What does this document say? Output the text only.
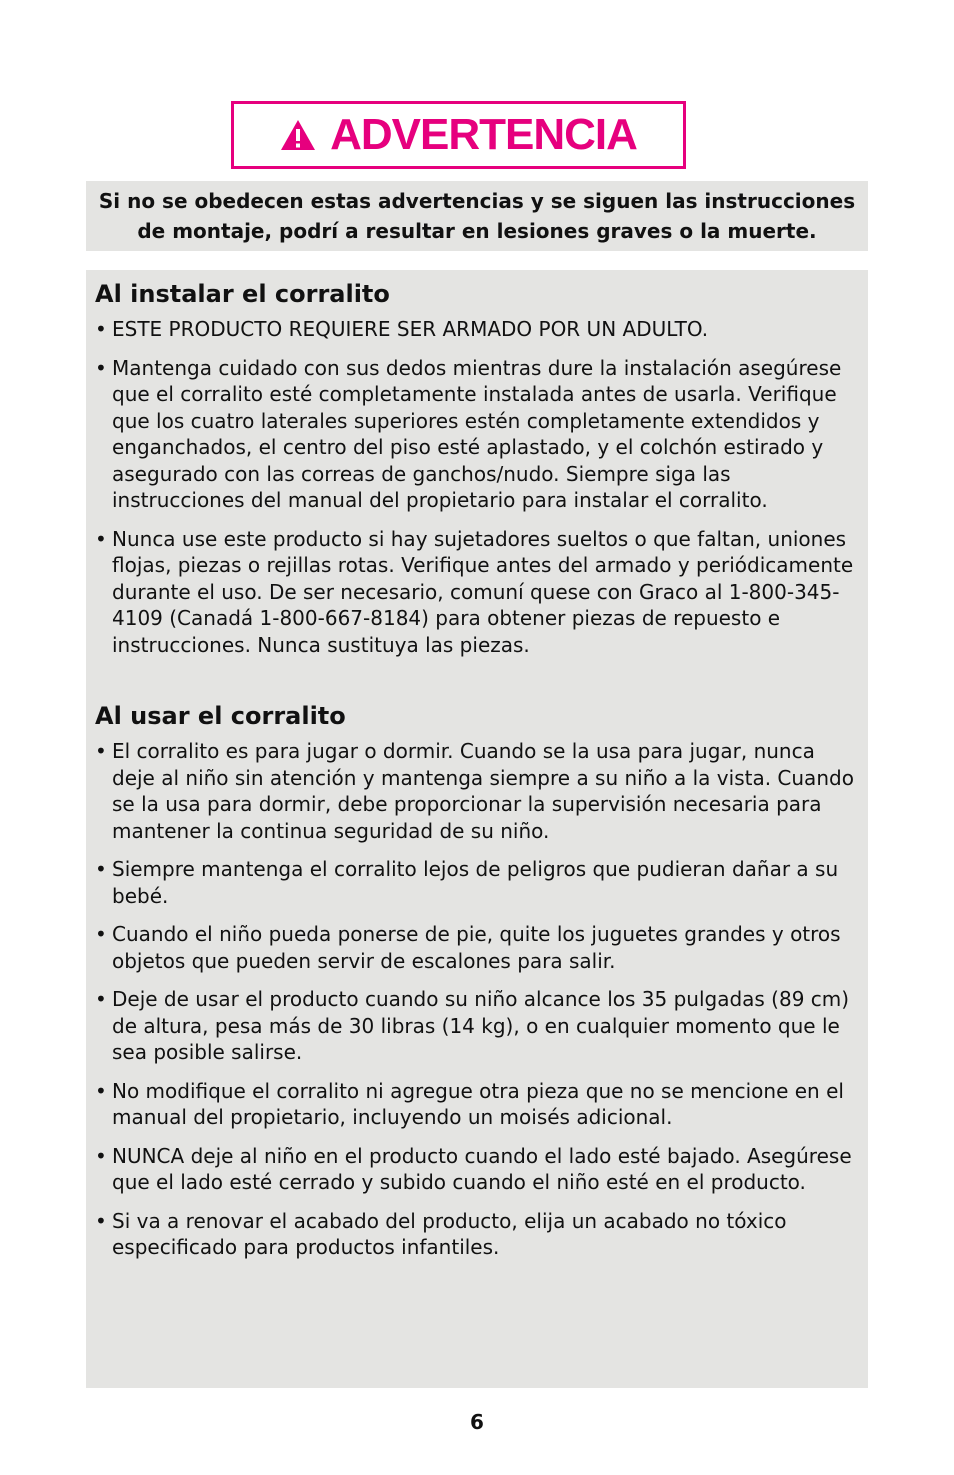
ADVERTENCIA

Si no se obedecen estas advertencias y se siguen las instrucciones
de montaje, podrí a resultar en lesiones graves o la muerte.

Al instalar el corralito
• ESTE PRODUCTO REQUIERE SER ARMADO POR UN ADULTO.
• Mantenga cuidado con sus dedos mientras dure la instalación asegúrese que el corralito esté completamente instalada antes de usarla. Verifique que los cuatro laterales superiores estén completamente extendidos y enganchados, el centro del piso esté aplastado, y el colchón estirado y asegurado con las correas de ganchos/nudo. Siempre siga las instrucciones del manual del propietario para instalar el corralito.
• Nunca use este producto si hay sujetadores sueltos o que faltan, uniones flojas, piezas o rejillas rotas. Verifique antes del armado y periódicamente durante el uso. De ser necesario, comuní quese con Graco al 1-800-345-4109 (Canadá 1-800-667-8184) para obtener piezas de repuesto e instrucciones. Nunca sustituya las piezas.
Al usar el corralito
• El corralito es para jugar o dormir. Cuando se la usa para jugar, nunca deje al niño sin atención y mantenga siempre a su niño a la vista. Cuando se la usa para dormir, debe proporcionar la supervisión necesaria para mantener la continua seguridad de su niño.
• Siempre mantenga el corralito lejos de peligros que pudieran dañar a su bebé.
• Cuando el niño pueda ponerse de pie, quite los juguetes grandes y otros objetos que pueden servir de escalones para salir.
• Deje de usar el producto cuando su niño alcance los 35 pulgadas (89 cm) de altura, pesa más de 30 libras (14 kg), o en cualquier momento que le sea posible salirse.
• No modifique el corralito ni agregue otra pieza que no se mencione en el manual del propietario, incluyendo un moisés adicional.
• NUNCA deje al niño en el producto cuando el lado esté bajado. Asegúrese que el lado esté cerrado y subido cuando el niño esté en el producto.
• Si va a renovar el acabado del producto, elija un acabado no tóxico especificado para productos infantiles.
6
